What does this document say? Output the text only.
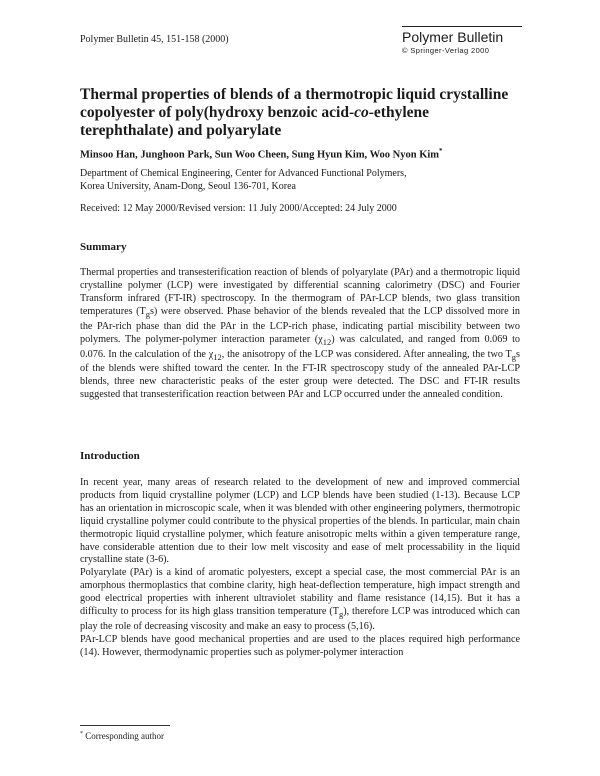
Polymer Bulletin 45, 151-158 (2000)	Polymer Bulletin
© Springer-Verlag 2000
Thermal properties of blends of a thermotropic liquid crystalline copolyester of poly(hydroxy benzoic acid-co-ethylene terephthalate) and polyarylate
Minsoo Han, Junghoon Park, Sun Woo Cheen, Sung Hyun Kim, Woo Nyon Kim*
Department of Chemical Engineering, Center for Advanced Functional Polymers,
Korea University, Anam-Dong, Seoul 136-701, Korea
Received: 12 May 2000/Revised version: 11 July 2000/Accepted: 24 July 2000
Summary
Thermal properties and transesterification reaction of blends of polyarylate (PAr) and a thermotropic liquid crystalline polymer (LCP) were investigated by differential scanning calorimetry (DSC) and Fourier Transform infrared (FT-IR) spectroscopy. In the thermogram of PAr-LCP blends, two glass transition temperatures $(T_gs)$ were observed. Phase behavior of the blends revealed that the LCP dissolved more in the PAr-rich phase than did the PAr in the LCP-rich phase, indicating partial miscibility between two polymers. The polymer-polymer interaction parameter $(\chi_{12})$ was calculated, and ranged from 0.069 to 0.076. In the calculation of the $\chi_{12}$, the anisotropy of the LCP was considered. After annealing, the two $T_gs$ of the blends were shifted toward the center. In the FT-IR spectroscopy study of the annealed PAr-LCP blends, three new characteristic peaks of the ester group were detected. The DSC and FT-IR results suggested that transesterification reaction between PAr and LCP occurred under the annealed condition.
Introduction

In recent year, many areas of research related to the development of new and improved commercial products from liquid crystalline polymer (LCP) and LCP blends have been studied (1-13). Because LCP has an orientation in microscopic scale, when it was blended with other engineering polymers, thermotropic liquid crystalline polymer could contribute to the physical properties of the blends. In particular, main chain thermotropic liquid crystalline polymer, which feature anisotropic melts within a given temperature range, have considerable attention due to their low melt viscosity and ease of melt processability in the liquid crystalline state (3-6).

Polyarylate (PAr) is a kind of aromatic polyesters, except a special case, the most commercial PAr is an amorphous thermoplastics that combine clarity, high heat-deflection temperature, high impact strength and good electrical properties with inherent ultraviolet stability and flame resistance (14,15). But it has a difficulty to process for its high glass transition temperature $(T_g)$, therefore LCP was introduced which can play the role of decreasing viscosity and make an easy to process (5,16).

PAr-LCP blends have good mechanical properties and are used to the places required high performance (14). However, thermodynamic properties such as polymer-polymer interaction

* Corresponding author
